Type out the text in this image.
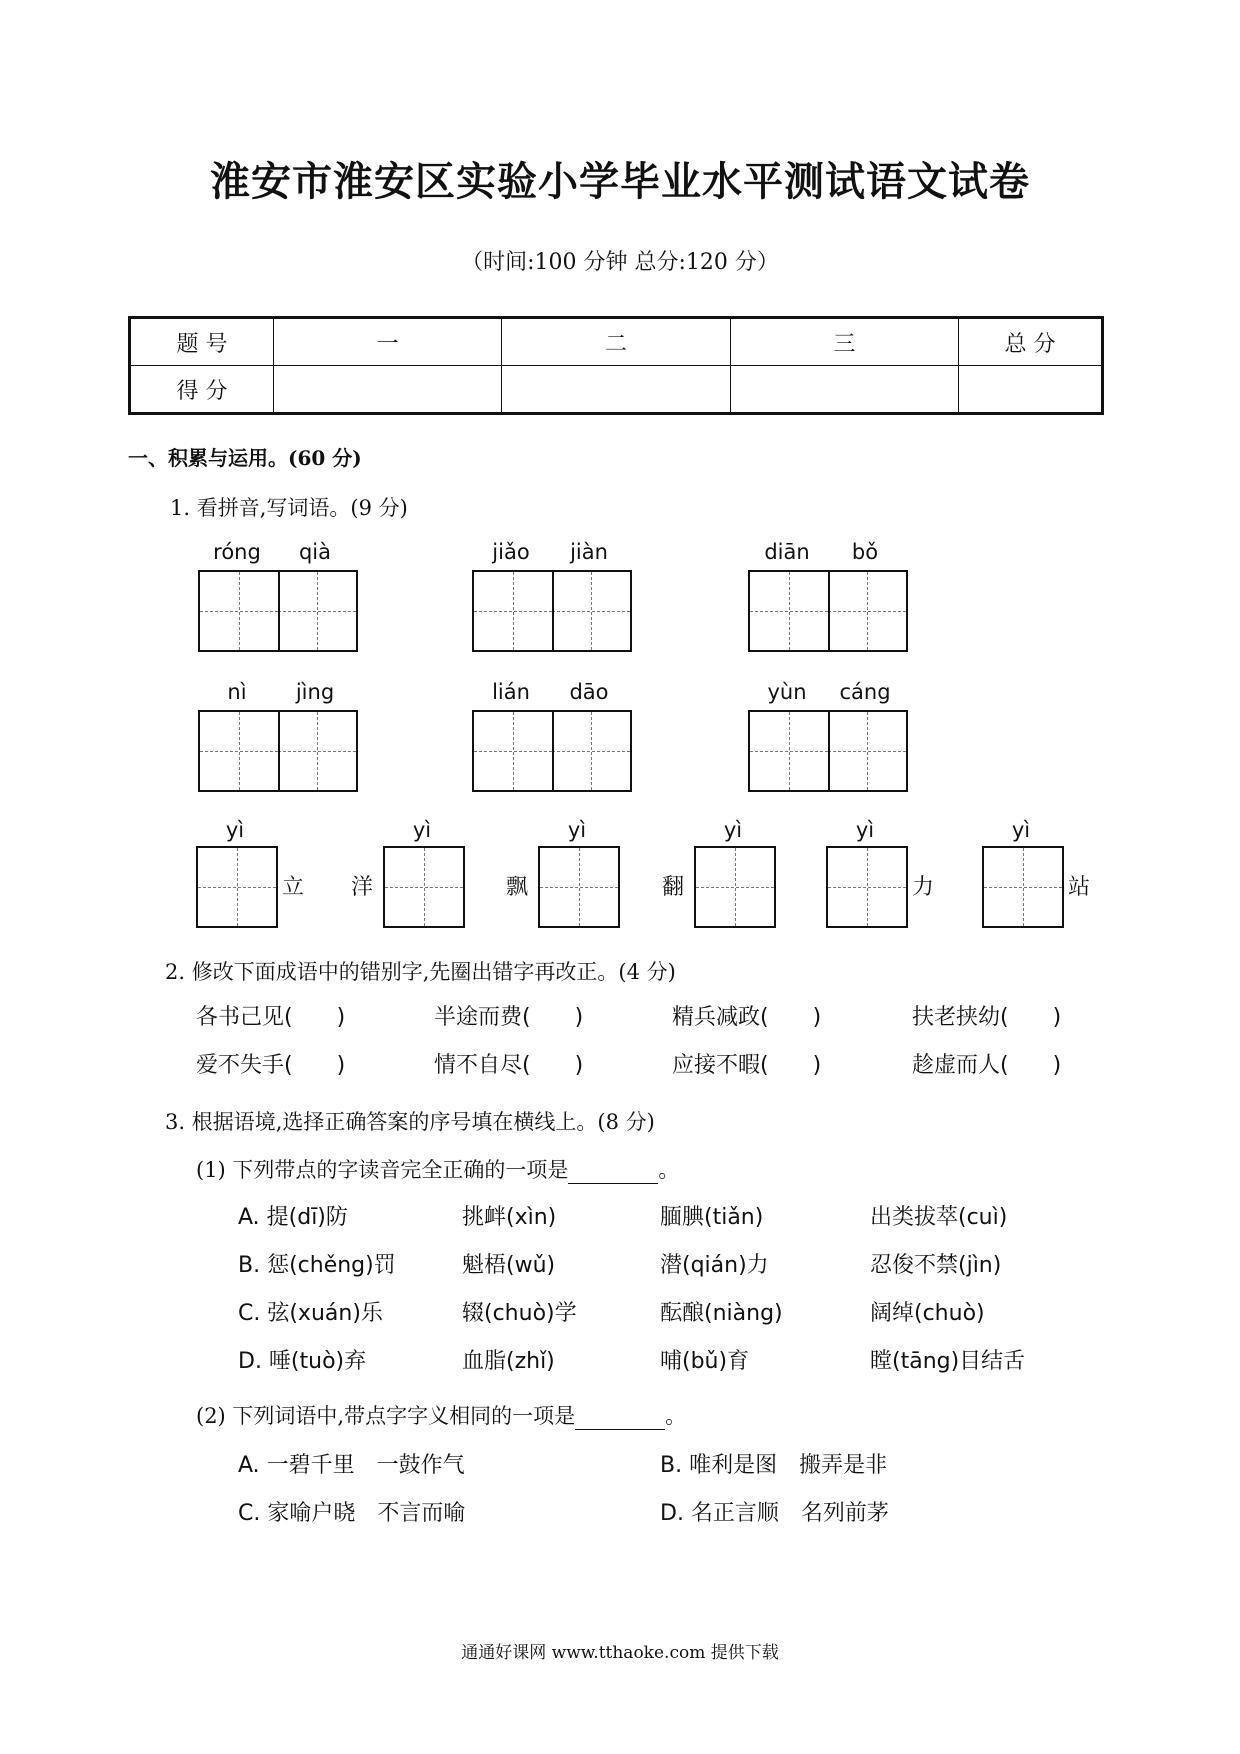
淮安市淮安区实验小学毕业水平测试语文试卷
（时间:100 分钟 总分:120 分）
题 号	一	二	三	总 分
得 分				
一、积累与运用。(60 分)
1. 看拼音,写词语。(9 分)
róng	qià	jiǎo	jiàn	diān	bǒ
nì	jìng	lián	dāo	yùn	cáng
yì
立
yì
洋
yì
飘
yì
翻
yì
力
yì
站
2. 修改下面成语中的错别字,先圈出错字再改正。(4 分)
各书己见(　　)	半途而费(　　)	精兵减政(　　)	扶老挟幼(　　)
爱不失手(　　)	情不自尽(　　)	应接不暇(　　)	趁虚而人(　　)
3. 根据语境,选择正确答案的序号填在横线上。(8 分)
(1) 下列带点的字读音完全正确的一项是	。
A. 提(dī)防	挑衅(xìn)	腼腆(tiǎn)	出类拔萃(cuì)
B. 惩(chěng)罚	魁梧(wǔ)	潜(qián)力	忍俊不禁(jìn)
C. 弦(xuán)乐	辍(chuò)学	酝酿(niàng)	阔绰(chuò)
D. 唾(tuò)弃	血脂(zhǐ)	哺(bǔ)育	瞠(tāng)目结舌
(2) 下列词语中,带点字字义相同的一项是	。
A. 一碧千里　一鼓作气	B. 唯利是图　搬弄是非
C. 家喻户晓　不言而喻	D. 名正言顺　名列前茅
通通好课网 www.tthaoke.com 提供下载
